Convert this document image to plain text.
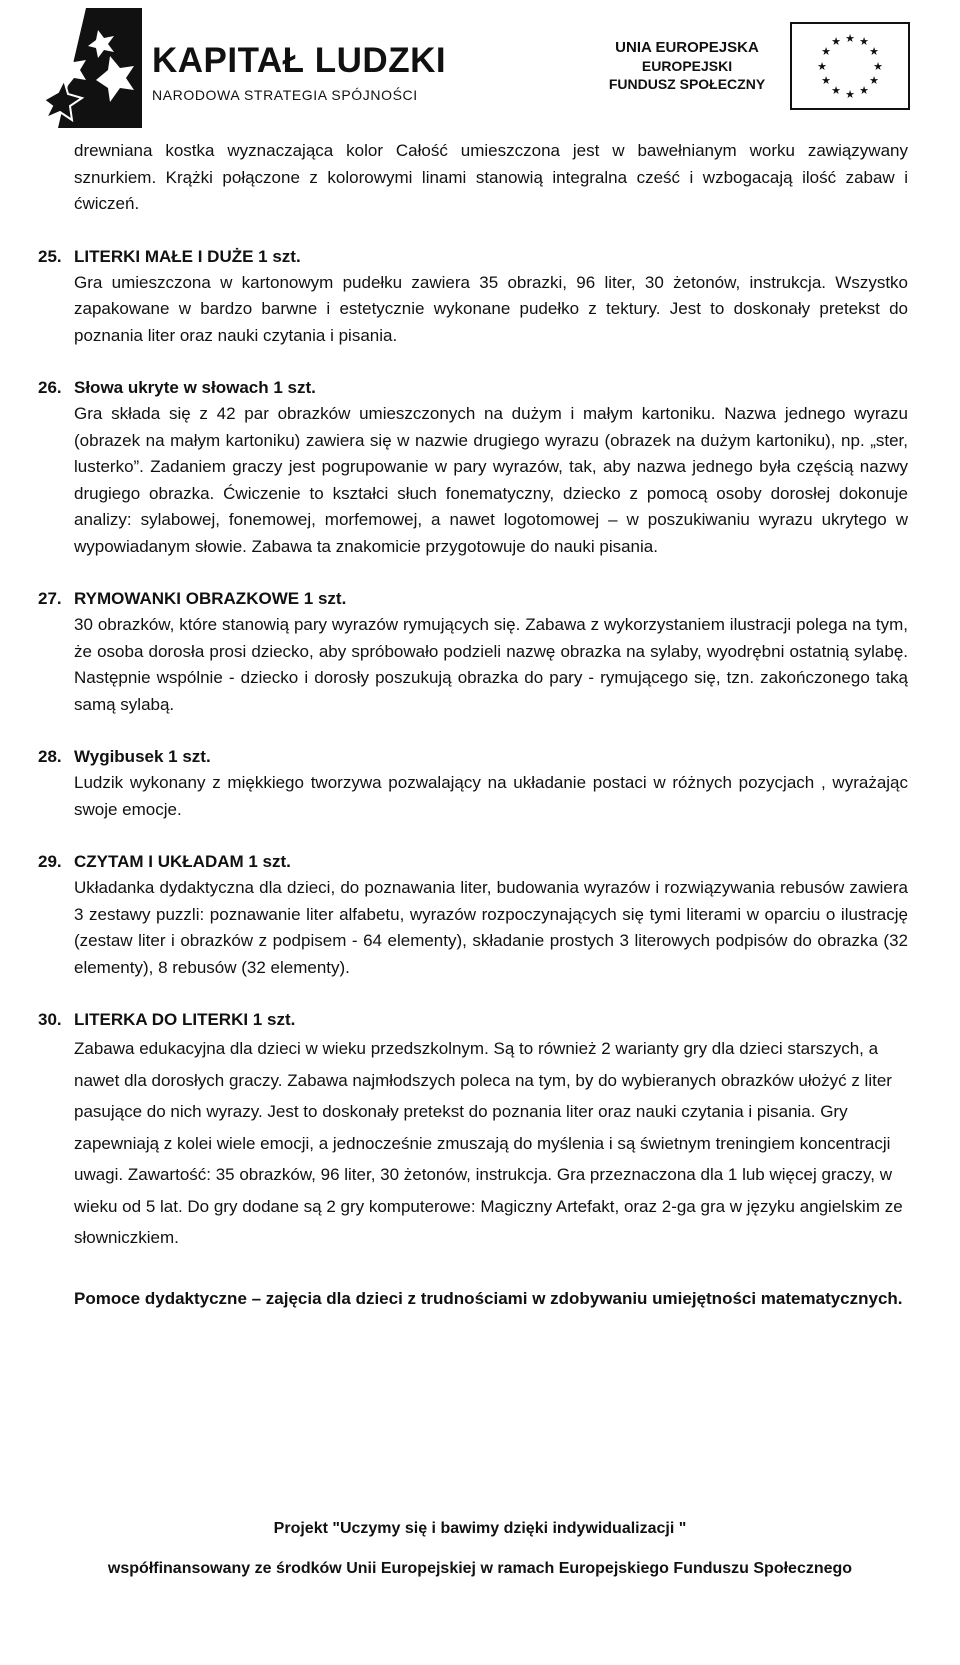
KAPITAŁ LUDZKI
NARODOWA STRATEGIA SPÓJNOŚCI
UNIA EUROPEJSKA
EUROPEJSKI
FUNDUSZ SPOŁECZNY
★ ★
★
★
★
★
★
★
★
★
★
★

drewniana kostka wyznaczająca kolor Całość umieszczona jest w bawełnianym worku zawiązywany sznurkiem. Krążki połączone z kolorowymi linami stanowią integralna cześć i wzbogacają ilość zabaw i ćwiczeń.

25. LITERKI MAŁE I DUŻE 1 szt.

Gra umieszczona w kartonowym pudełku zawiera 35 obrazki, 96 liter, 30 żetonów, instrukcja. Wszystko zapakowane w bardzo barwne i estetycznie wykonane pudełko z tektury. Jest to doskonały pretekst do poznania liter oraz nauki czytania i pisania.

26. Słowa ukryte w słowach 1 szt.

Gra składa się z 42 par obrazków umieszczonych na dużym i małym kartoniku. Nazwa jednego wyrazu (obrazek na małym kartoniku) zawiera się w nazwie drugiego wyrazu (obrazek na dużym kartoniku), np. „ster, lusterko”. Zadaniem graczy jest pogrupowanie w pary wyrazów, tak, aby nazwa jednego była częścią nazwy drugiego obrazka. Ćwiczenie to kształci słuch fonematyczny, dziecko z pomocą osoby dorosłej dokonuje analizy: sylabowej, fonemowej, morfemowej, a nawet logotomowej – w poszukiwaniu wyrazu ukrytego w wypowiadanym słowie. Zabawa ta znakomicie przygotowuje do nauki pisania.

27. RYMOWANKI OBRAZKOWE 1 szt.

30 obrazków, które stanowią pary wyrazów rymujących się. Zabawa z wykorzystaniem ilustracji polega na tym, że osoba dorosła prosi dziecko, aby spróbowało podzieli nazwę obrazka na sylaby, wyodrębni ostatnią sylabę. Następnie wspólnie - dziecko i dorosły poszukują obrazka do pary - rymującego się, tzn. zakończonego taką samą sylabą.

28. Wygibusek 1 szt.

Ludzik wykonany z miękkiego tworzywa pozwalający na układanie postaci w różnych pozycjach , wyrażając swoje emocje.

29. CZYTAM I UKŁADAM 1 szt.

Układanka dydaktyczna dla dzieci, do poznawania liter, budowania wyrazów i rozwiązywania rebusów zawiera 3 zestawy puzzli: poznawanie liter alfabetu, wyrazów rozpoczynających się tymi literami w oparciu o ilustrację (zestaw liter i obrazków z podpisem - 64 elementy), składanie prostych 3 literowych podpisów do obrazka (32 elementy), 8 rebusów (32 elementy).

30. LITERKA DO LITERKI 1 szt.

Zabawa edukacyjna dla dzieci w wieku przedszkolnym. Są to również 2 warianty gry dla dzieci starszych, a nawet dla dorosłych graczy. Zabawa najmłodszych poleca na tym, by do wybieranych obrazków ułożyć z liter pasujące do nich wyrazy. Jest to doskonały pretekst do poznania liter oraz nauki czytania i pisania. Gry zapewniają z kolei wiele emocji, a jednocześnie zmuszają do myślenia i są świetnym treningiem koncentracji uwagi. Zawartość: 35 obrazków, 96 liter, 30 żetonów, instrukcja. Gra przeznaczona dla 1 lub więcej graczy, w wieku od 5 lat. Do gry dodane są 2 gry komputerowe: Magiczny Artefakt, oraz 2-ga gra w języku angielskim ze słowniczkiem.

Pomoce dydaktyczne – zajęcia dla dzieci z trudnościami w zdobywaniu umiejętności matematycznych.

Projekt "Uczymy się i bawimy dzięki indywidualizacji "
współfinansowany ze środków Unii Europejskiej w ramach Europejskiego Funduszu Społecznego
